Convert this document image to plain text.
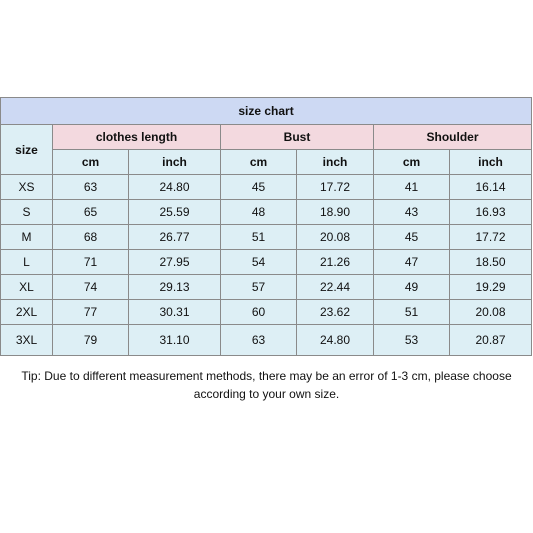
size chart						
size	clothes length		Bust		Shoulder	
	cm	inch	cm	inch	cm	inch
XS	63	24.80	45	17.72	41	16.14
S	65	25.59	48	18.90	43	16.93
M	68	26.77	51	20.08	45	17.72
L	71	27.95	54	21.26	47	18.50
XL	74	29.13	57	22.44	49	19.29
2XL	77	30.31	60	23.62	51	20.08
3XL	79	31.10	63	24.80	53	20.87
Tip: Due to different measurement methods, there may be an error of 1-3 cm, please choose according to your own size.
